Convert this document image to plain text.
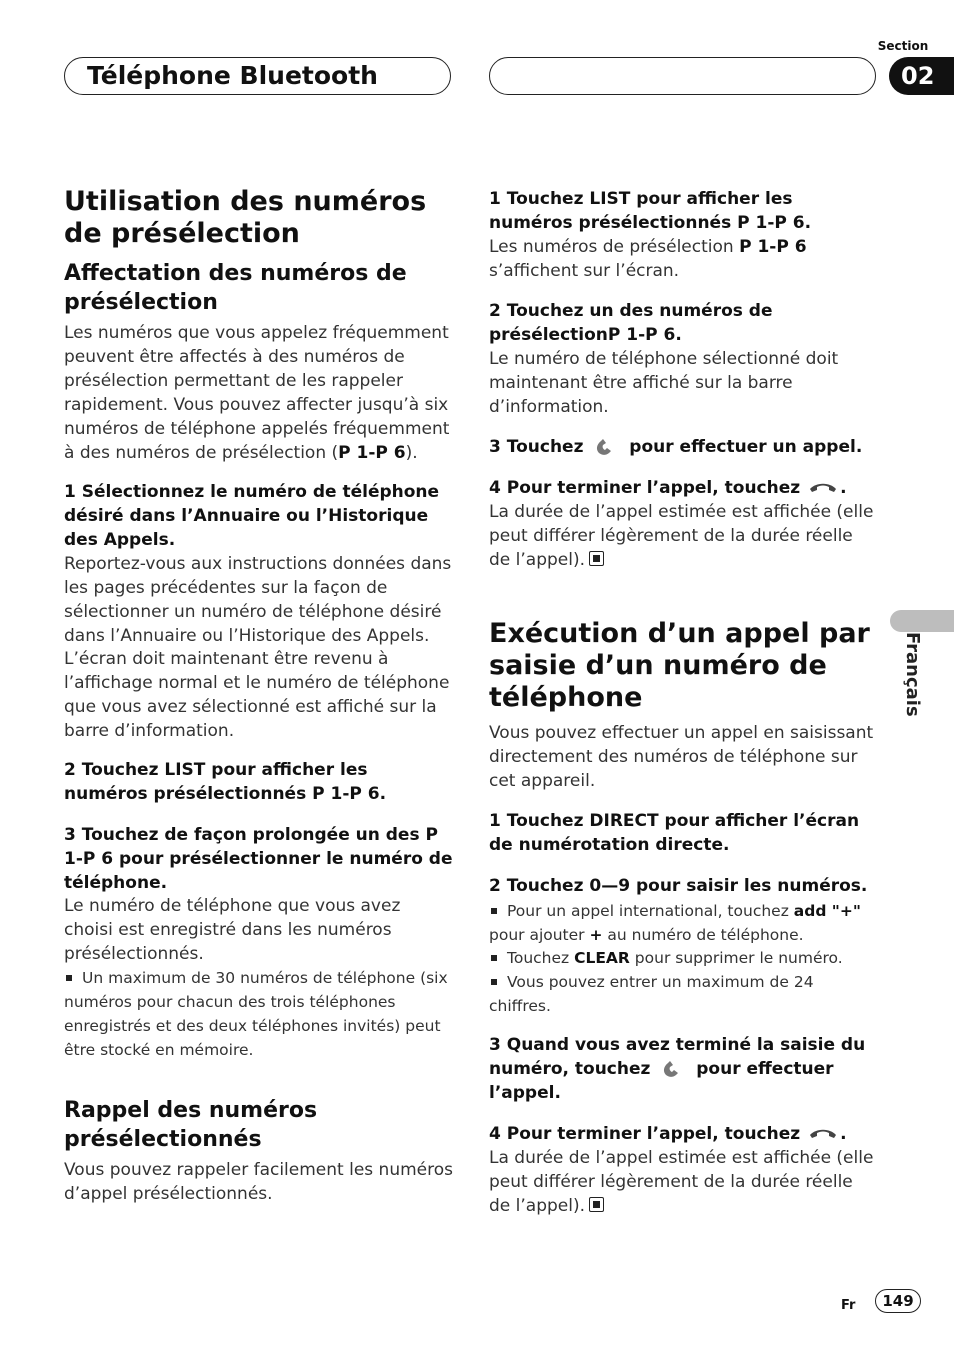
Téléphone Bluetooth
Section
02
Français
Utilisation des numéros de présélection
Affectation des numéros de présélection

Les numéros que vous appelez fréquemment peuvent être affectés à des numéros de présélection permettant de les rappeler rapidement. Vous pouvez affecter jusqu’à six numéros de téléphone appelés fréquemment à des numéros de présélection (P 1-P 6).

1 Sélectionnez le numéro de téléphone désiré dans l’Annuaire ou l’Historique des Appels.

Reportez-vous aux instructions données dans les pages précédentes sur la façon de sélectionner un numéro de téléphone désiré dans l’Annuaire ou l’Historique des Appels.

L’écran doit maintenant être revenu à l’affichage normal et le numéro de téléphone que vous avez sélectionné est affiché sur la barre d’information.

2 Touchez LIST pour afficher les numéros présélectionnés P 1-P 6.

3 Touchez de façon prolongée un des P 1-P 6 pour présélectionner le numéro de téléphone.

Le numéro de téléphone que vous avez choisi est enregistré dans les numéros présélectionnés.

Un maximum de 30 numéros de téléphone (six numéros pour chacun des trois téléphones enregistrés et des deux téléphones invités) peut être stocké en mémoire.

Rappel des numéros présélectionnés

Vous pouvez rappeler facilement les numéros d’appel présélectionnés.

1 Touchez LIST pour afficher les numéros présélectionnés P 1-P 6.

Les numéros de présélection P 1-P 6 s’affichent sur l’écran.

2 Touchez un des numéros de présélectionP 1-P 6.

Le numéro de téléphone sélectionné doit maintenant être affiché sur la barre d’information.

3 Touchez  pour effectuer un appel.

4 Pour terminer l’appel, touchez .

La durée de l’appel estimée est affichée (elle peut différer légèrement de la durée réelle de l’appel).

Exécution d’un appel par saisie d’un numéro de téléphone

Vous pouvez effectuer un appel en saisissant directement des numéros de téléphone sur cet appareil.

1 Touchez DIRECT pour afficher l’écran de numérotation directe.

2 Touchez 0—9 pour saisir les numéros.

Pour un appel international, touchez add "+" pour ajouter + au numéro de téléphone.

Touchez CLEAR pour supprimer le numéro.

Vous pouvez entrer un maximum de 24 chiffres.

3 Quand vous avez terminé la saisie du numéro, touchez  pour effectuer l’appel.

4 Pour terminer l’appel, touchez .

La durée de l’appel estimée est affichée (elle peut différer légèrement de la durée réelle de l’appel).

Fr	149
